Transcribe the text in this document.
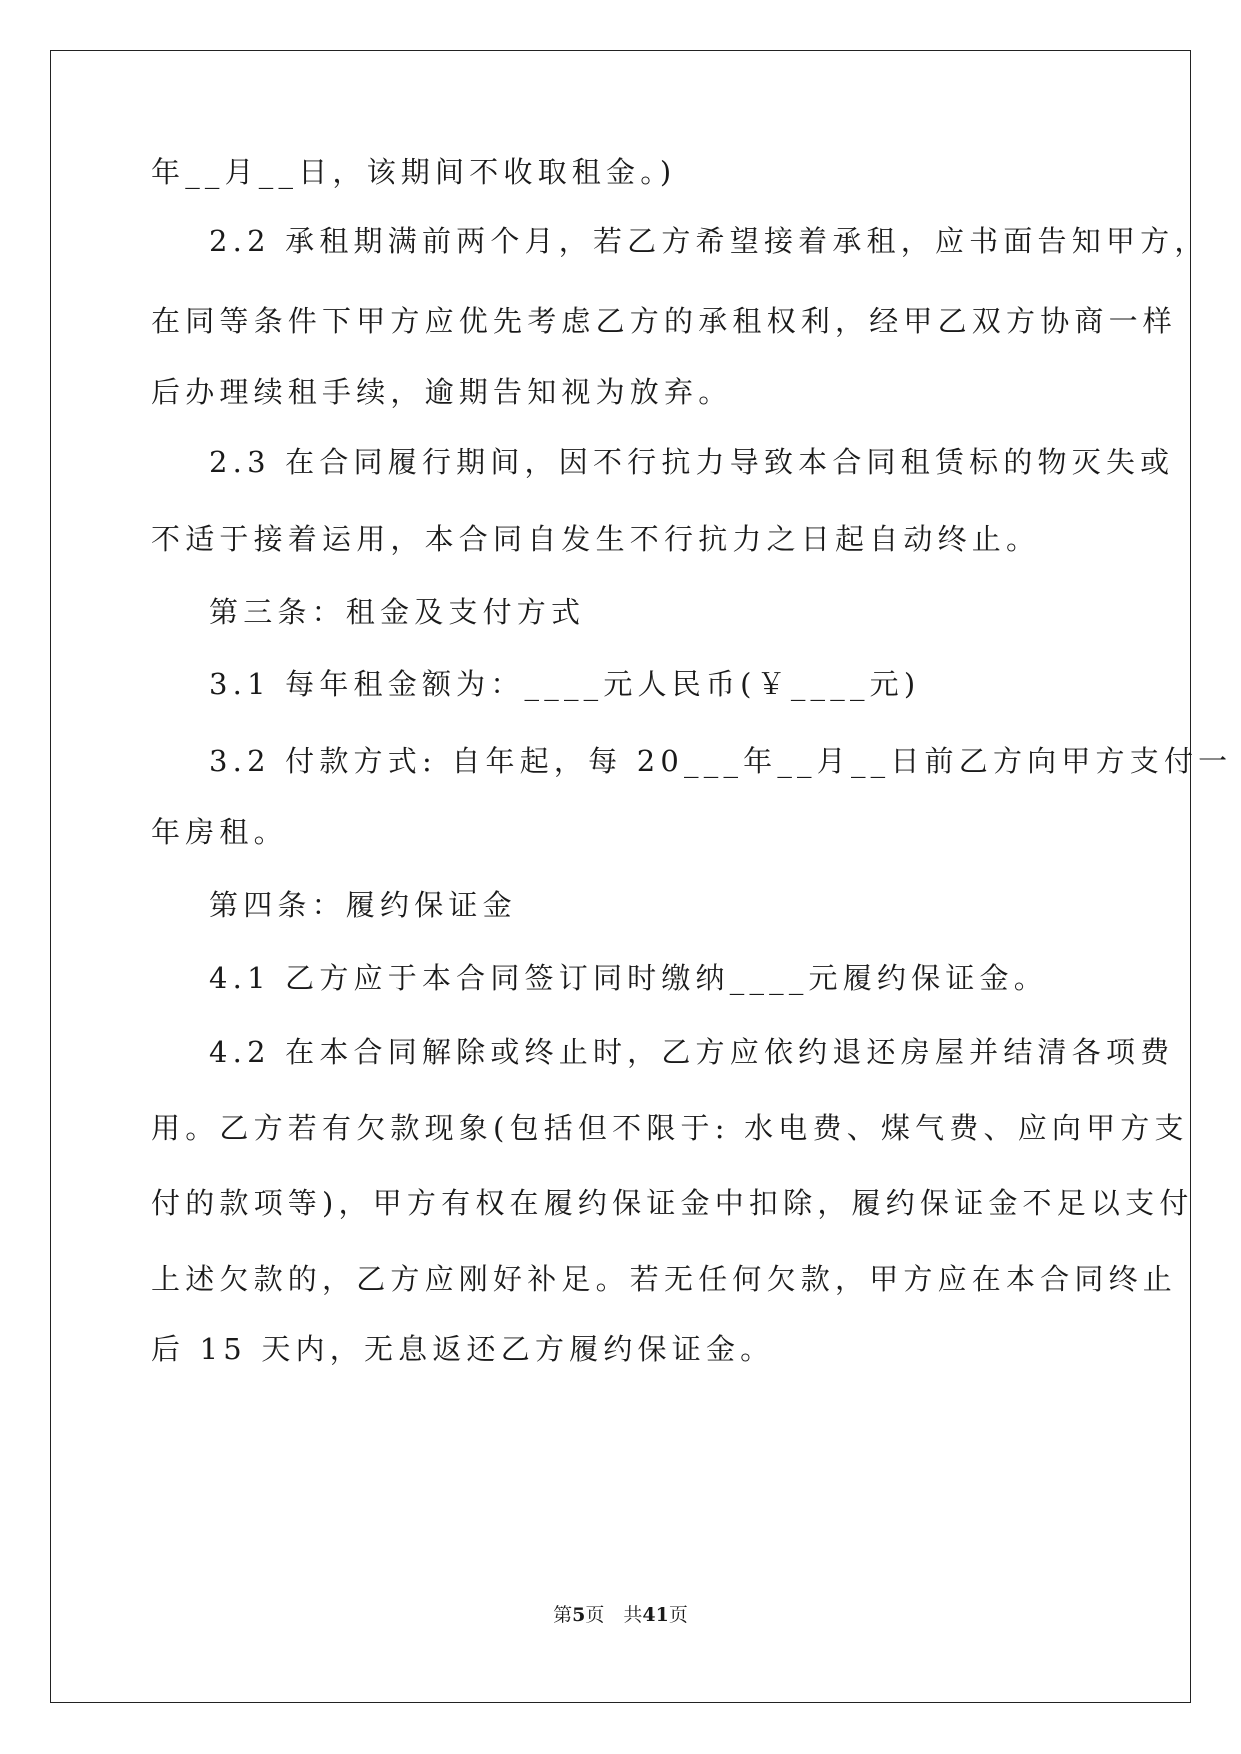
年__月__日，该期间不收取租金。)
2.2 承租期满前两个月，若乙方希望接着承租，应书面告知甲方，
在同等条件下甲方应优先考虑乙方的承租权利，经甲乙双方协商一样
后办理续租手续，逾期告知视为放弃。
2.3 在合同履行期间，因不行抗力导致本合同租赁标的物灭失或
不适于接着运用，本合同自发生不行抗力之日起自动终止。
第三条：租金及支付方式
3.1 每年租金额为：____元人民币(￥____元)
3.2 付款方式: 自年起，每 20___年__月__日前乙方向甲方支付一
年房租。
第四条：履约保证金
4.1 乙方应于本合同签订同时缴纳____元履约保证金。
4.2 在本合同解除或终止时，乙方应依约退还房屋并结清各项费
用。乙方若有欠款现象(包括但不限于: 水电费、煤气费、应向甲方支
付的款项等)，甲方有权在履约保证金中扣除，履约保证金不足以支付
上述欠款的，乙方应刚好补足。若无任何欠款，甲方应在本合同终止
后 15 天内，无息返还乙方履约保证金。
第5页　共41页
